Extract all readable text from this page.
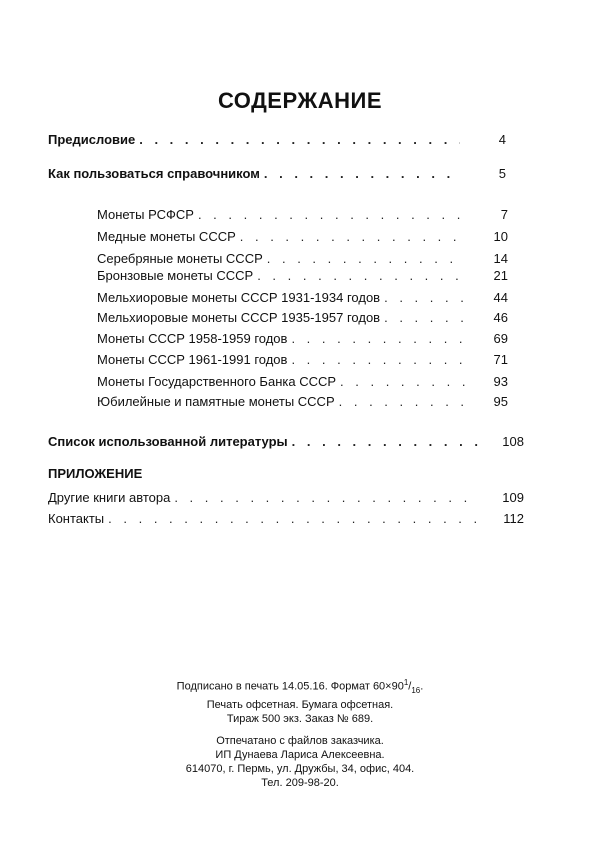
СОДЕРЖАНИЕ
Предисловие . . .	4
Как пользоваться справочником . . .	5
Монеты РСФСР . . .	7
Медные монеты СССР . . .	10
Серебряные монеты СССР . . .	14
Бронзовые монеты СССР . . .	21
Мельхиоровые монеты СССР 1931-1934 годов . . .	44
Мельхиоровые монеты СССР 1935-1957 годов . . .	46
Монеты СССР 1958-1959 годов . . .	69
Монеты СССР 1961-1991 годов . . .	71
Монеты Государственного Банка СССР . . .	93
Юбилейные и памятные монеты СССР . . .	95
Список использованной литературы . . .	108
ПРИЛОЖЕНИЕ
Другие книги автора . . .	109
Контакты . . .	112
Подписано в печать 14.05.16. Формат $60\times 90^1/_{16}$.
Печать офсетная. Бумага офсетная.
Тираж 500 экз. Заказ № 689.
Отпечатано с файлов заказчика.
ИП Дунаева Лариса Алексеевна.
614070, г. Пермь, ул. Дружбы, 34, офис, 404.
Тел. 209-98-20.
